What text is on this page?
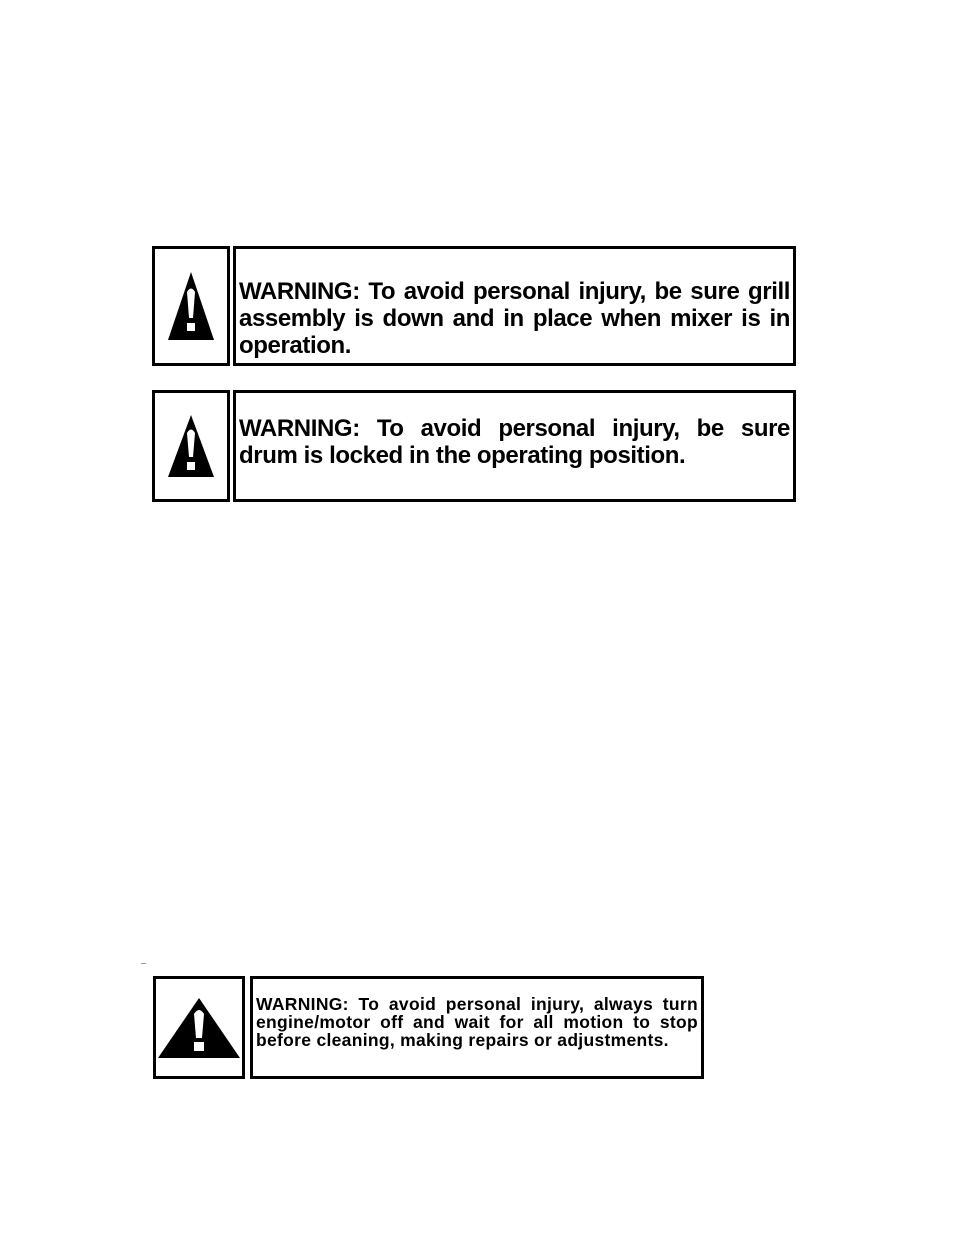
WARNING: To avoid personal injury, be sure grill assembly is down and in place when mixer is in operation.

WARNING: To avoid personal injury, be sure drum is locked in the operating position.

WARNING: To avoid personal injury, always turn engine/motor off and wait for all motion to stop before cleaning, making repairs or adjustments.
